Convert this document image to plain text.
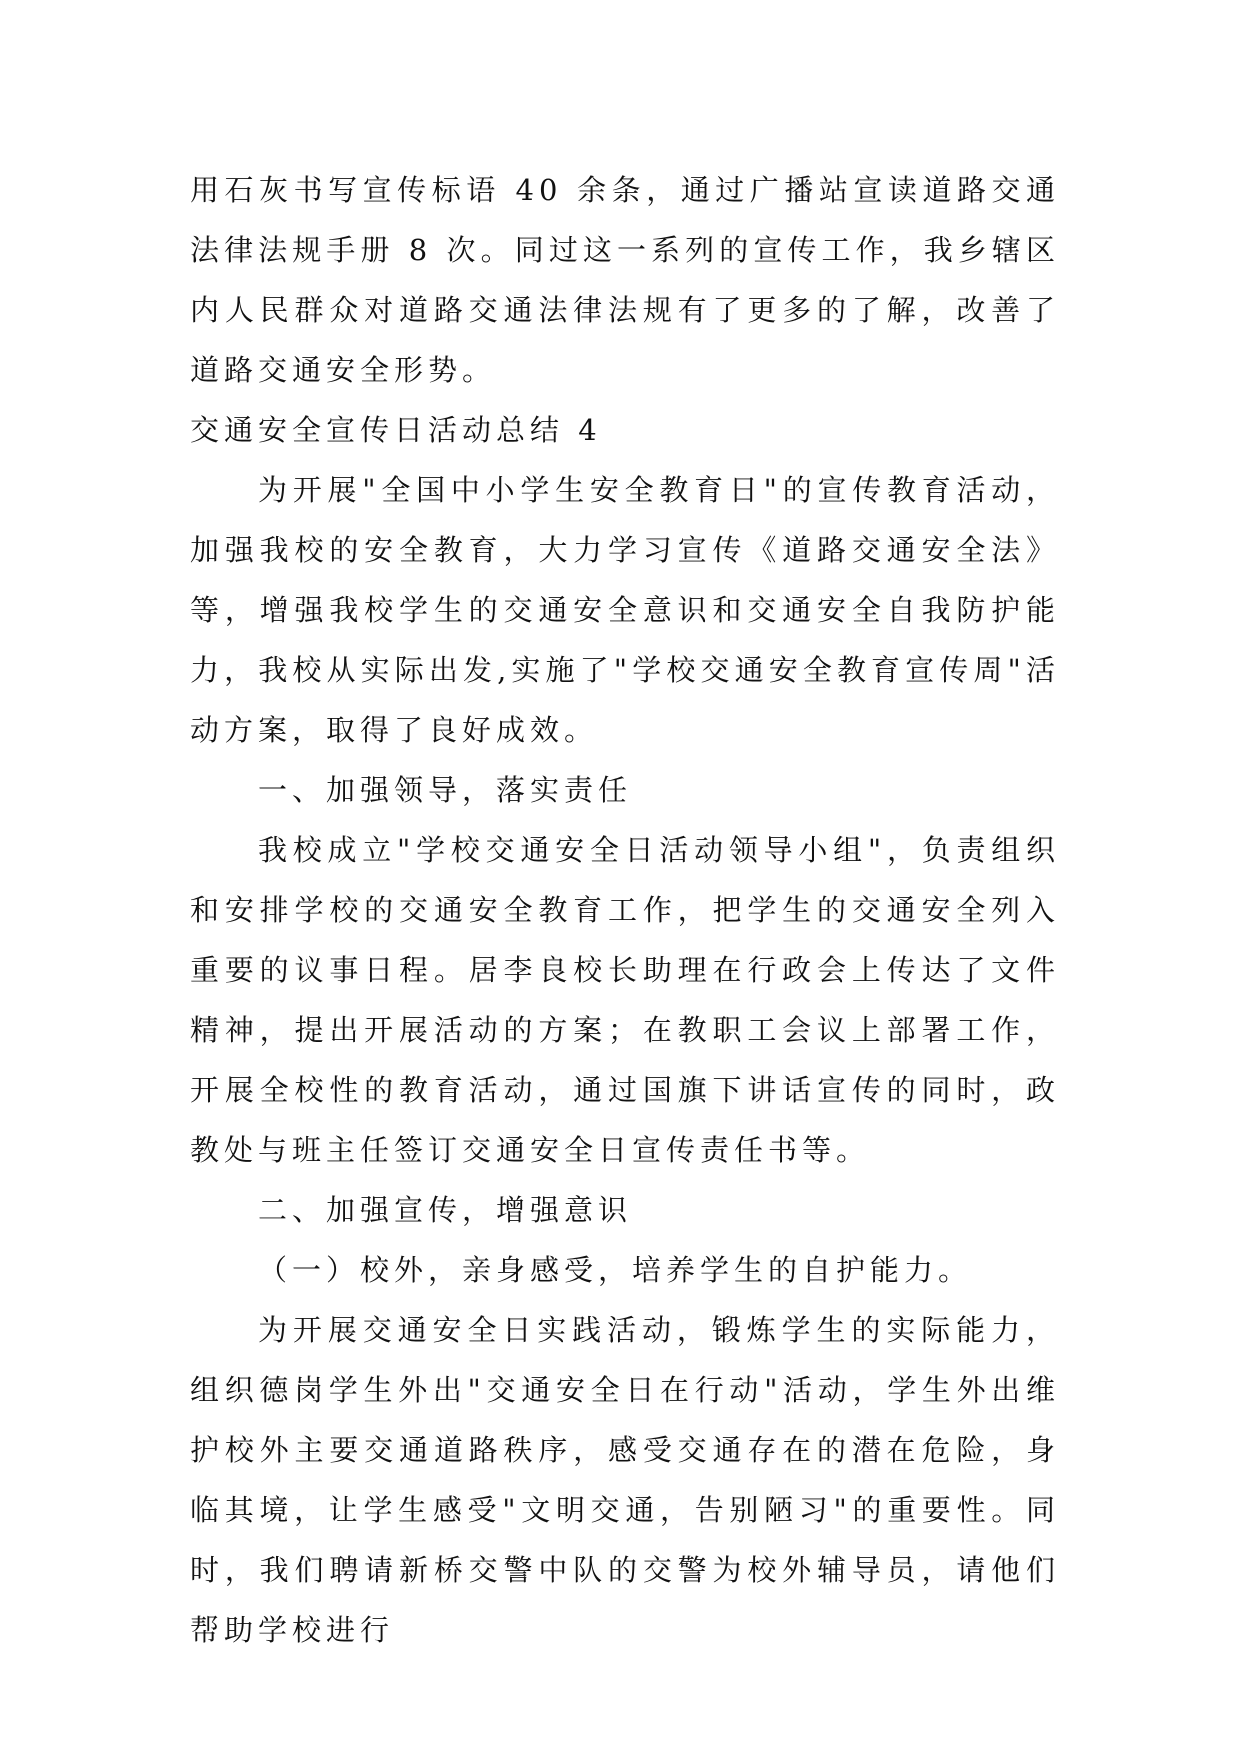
用石灰书写宣传标语 40 余条，通过广播站宣读道路交通法律法规手册 8 次。同过这一系列的宣传工作，我乡辖区内人民群众对道路交通法律法规有了更多的了解，改善了道路交通安全形势。

交通安全宣传日活动总结 4

为开展"全国中小学生安全教育日"的宣传教育活动，加强我校的安全教育，大力学习宣传《道路交通安全法》等，增强我校学生的交通安全意识和交通安全自我防护能力，我校从实际出发,实施了"学校交通安全教育宣传周"活动方案，取得了良好成效。

一、加强领导，落实责任

我校成立"学校交通安全日活动领导小组"，负责组织和安排学校的交通安全教育工作，把学生的交通安全列入重要的议事日程。居李良校长助理在行政会上传达了文件精神，提出开展活动的方案；在教职工会议上部署工作，开展全校性的教育活动，通过国旗下讲话宣传的同时，政教处与班主任签订交通安全日宣传责任书等。

二、加强宣传，增强意识

（一）校外，亲身感受，培养学生的自护能力。

为开展交通安全日实践活动，锻炼学生的实际能力，组织德岗学生外出"交通安全日在行动"活动，学生外出维护校外主要交通道路秩序，感受交通存在的潜在危险，身临其境，让学生感受"文明交通，告别陋习"的重要性。同时，我们聘请新桥交警中队的交警为校外辅导员，请他们帮助学校进行
